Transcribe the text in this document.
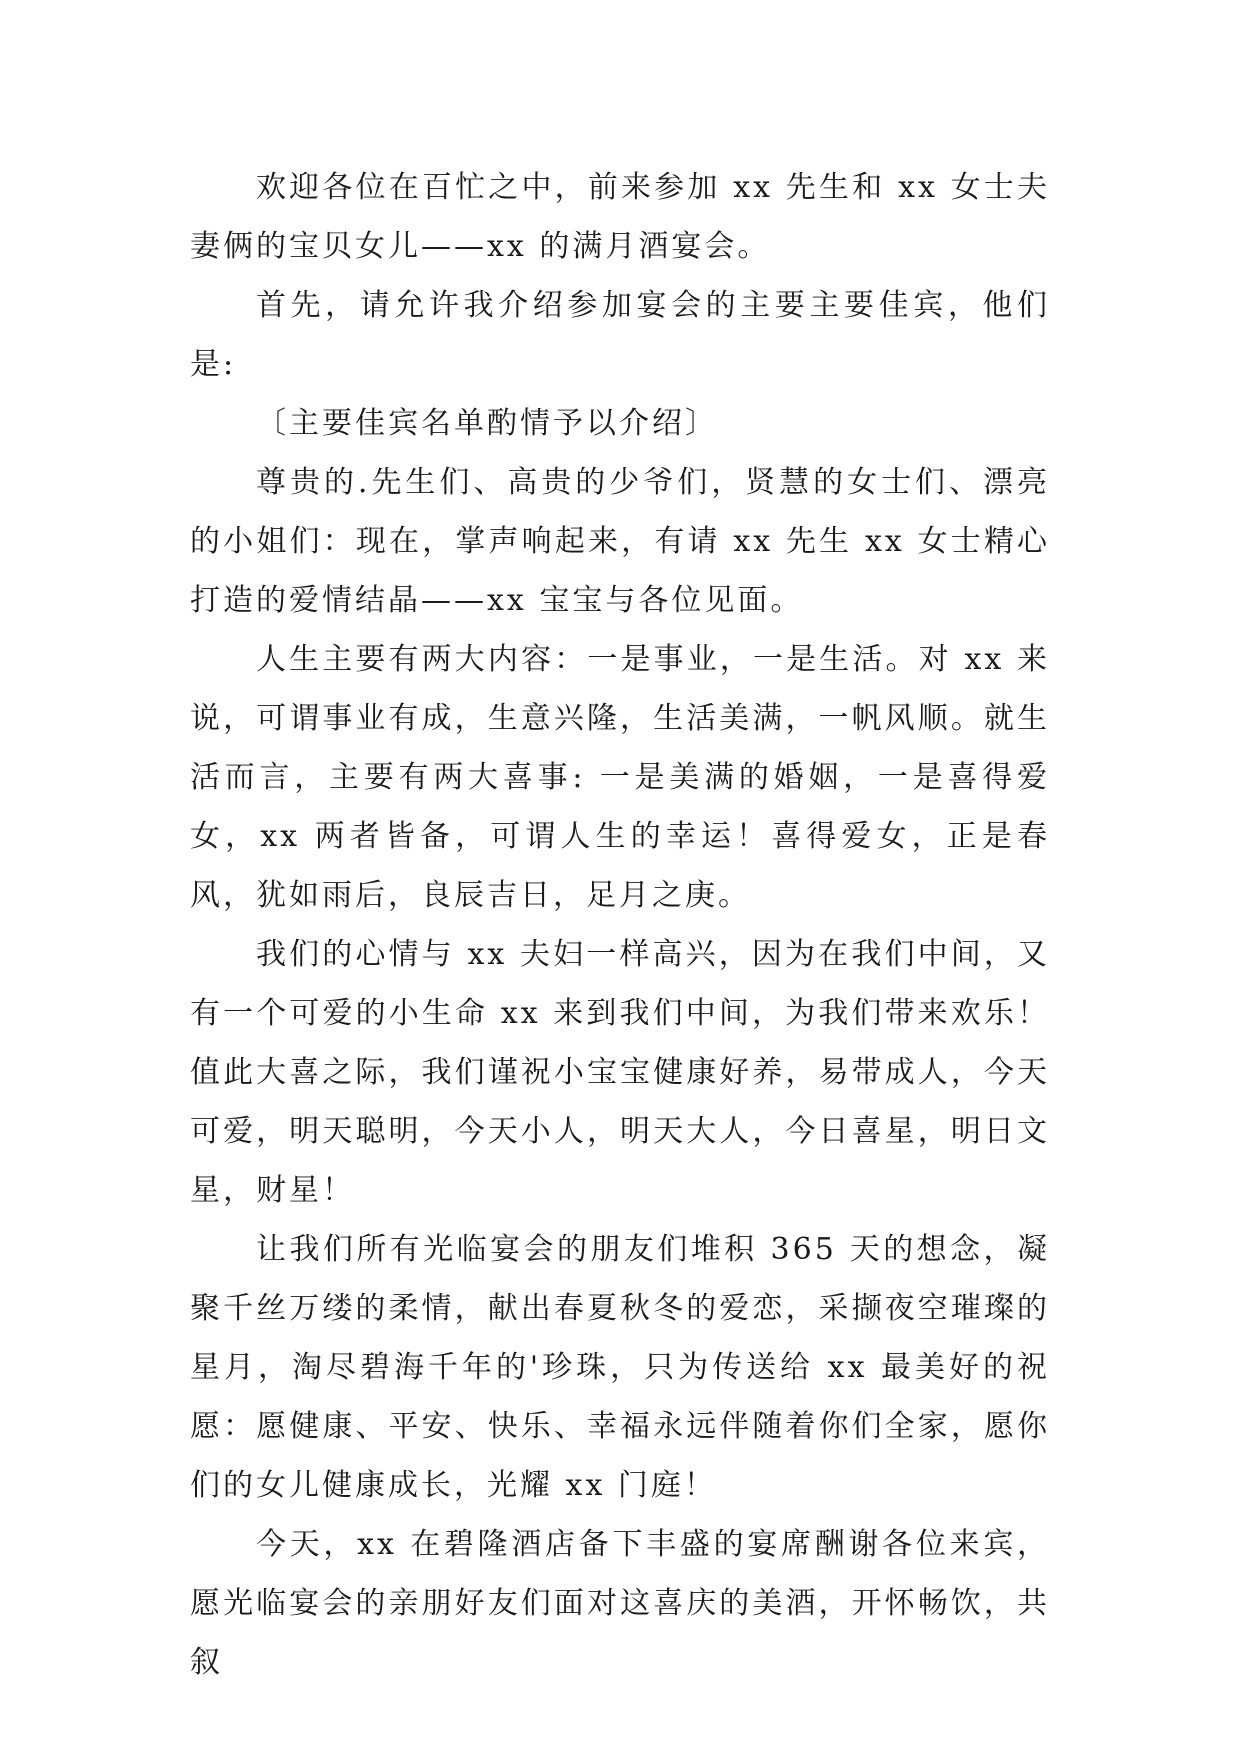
欢迎各位在百忙之中，前来参加 xx 先生和 xx 女士夫妻俩的宝贝女儿——xx 的满月酒宴会。

首先，请允许我介绍参加宴会的主要主要佳宾，他们是:

〔主要佳宾名单酌情予以介绍〕

尊贵的.先生们、高贵的少爷们，贤慧的女士们、漂亮的小姐们：现在，掌声响起来，有请 xx 先生 xx 女士精心打造的爱情结晶——xx 宝宝与各位见面。

人生主要有两大内容：一是事业，一是生活。对 xx 来说，可谓事业有成，生意兴隆，生活美满，一帆风顺。就生活而言，主要有两大喜事: 一是美满的婚姻，一是喜得爱女，xx 两者皆备，可谓人生的幸运！喜得爱女，正是春风，犹如雨后，良辰吉日，足月之庚。

我们的心情与 xx 夫妇一样高兴，因为在我们中间，又有一个可爱的小生命 xx 来到我们中间，为我们带来欢乐！值此大喜之际，我们谨祝小宝宝健康好养，易带成人，今天可爱，明天聪明，今天小人，明天大人，今日喜星，明日文星，财星！

让我们所有光临宴会的朋友们堆积 365 天的想念，凝聚千丝万缕的柔情，献出春夏秋冬的爱恋，采撷夜空璀璨的星月，淘尽碧海千年的'珍珠，只为传送给 xx 最美好的祝愿：愿健康、平安、快乐、幸福永远伴随着你们全家，愿你们的女儿健康成长，光耀 xx 门庭！

今天，xx 在碧隆酒店备下丰盛的宴席酬谢各位来宾，愿光临宴会的亲朋好友们面对这喜庆的美酒，开怀畅饮，共叙
